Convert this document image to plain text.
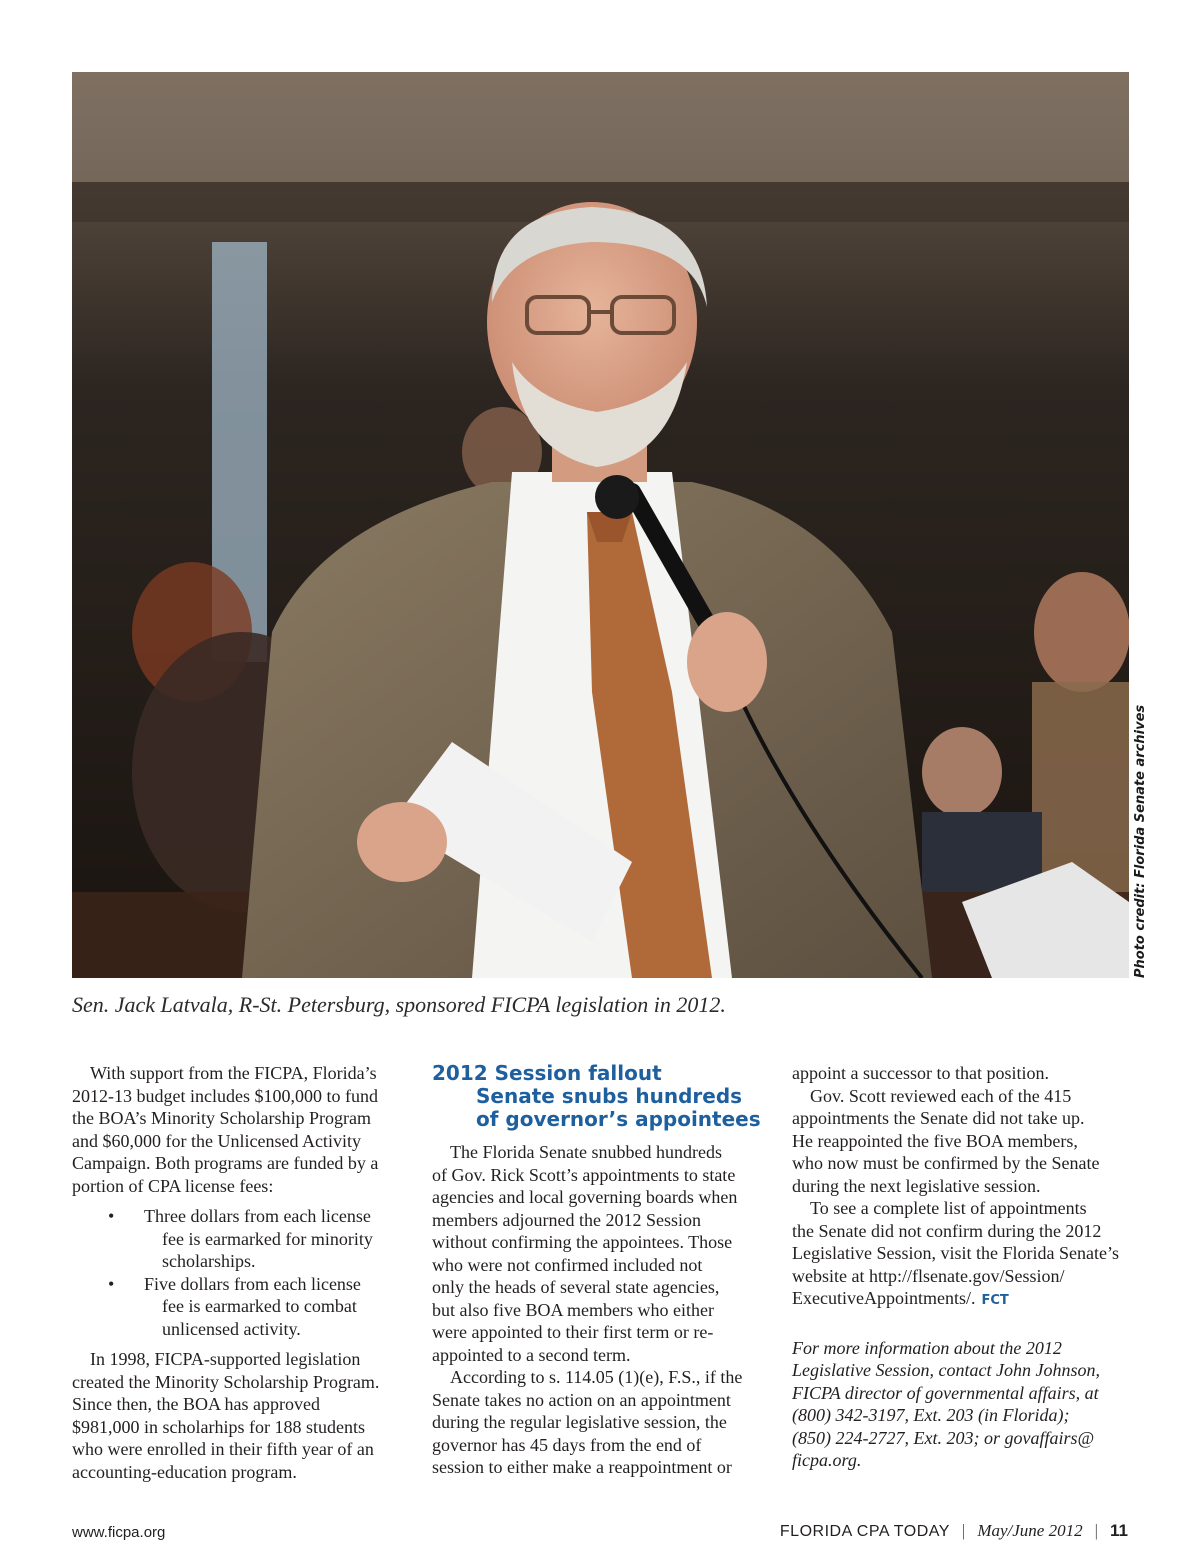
Photo credit: Florida Senate archives
Sen. Jack Latvala, R-St. Petersburg, sponsored FICPA legislation in 2012.

With support from the FICPA, Florida’s
2012-13 budget includes $100,000 to fund
the BOA’s Minority Scholarship Program
and $60,000 for the Unlicensed Activity
Campaign. Both programs are funded by a
portion of CPA license fees:

• Three dollars from each license
fee is earmarked for minority
scholarships.
• Five dollars from each license
fee is earmarked to combat
unlicensed activity.

In 1998, FICPA-supported legislation
created the Minority Scholarship Program.
Since then, the BOA has approved
$981,000 in scholarhips for 188 students
who were enrolled in their fifth year of an
accounting-education program.

2012 Session fallout
Senate snubs hundreds
of governor’s appointees

The Florida Senate snubbed hundreds
of Gov. Rick Scott’s appointments to state
agencies and local governing boards when
members adjourned the 2012 Session
without confirming the appointees. Those
who were not confirmed included not
only the heads of several state agencies,
but also five BOA members who either
were appointed to their first term or re-
appointed to a second term.

According to s. 114.05 (1)(e), F.S., if the
Senate takes no action on an appointment
during the regular legislative session, the
governor has 45 days from the end of
session to either make a reappointment or

appoint a successor to that position.

Gov. Scott reviewed each of the 415
appointments the Senate did not take up.
He reappointed the five BOA members,
who now must be confirmed by the Senate
during the next legislative session.

To see a complete list of appointments
the Senate did not confirm during the 2012
Legislative Session, visit the Florida Senate’s
website at http://flsenate.gov/Session/
ExecutiveAppointments/. FCT

For more information about the 2012
Legislative Session, contact John Johnson,
FICPA director of governmental affairs, at
(800) 342-3197, Ext. 203 (in Florida);
(850) 224-2727, Ext. 203; or govaffairs@
ficpa.org.

www.ficpa.org	FLORIDA CPA TODAY | May/June 2012 | 11
